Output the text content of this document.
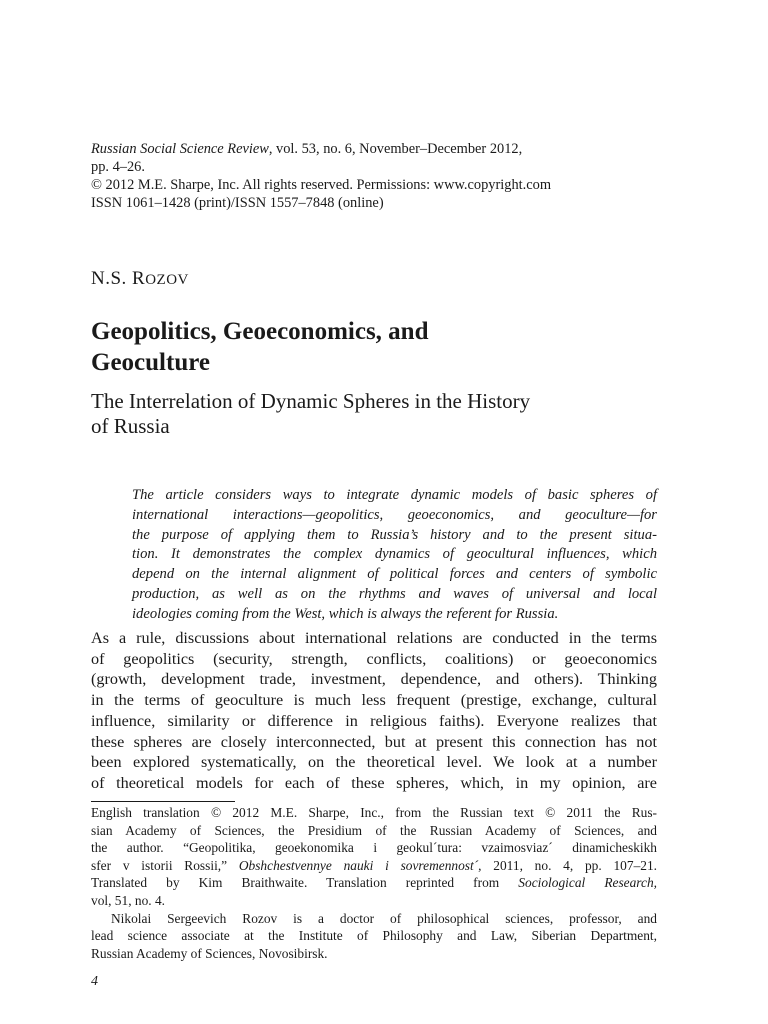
Russian Social Science Review, vol. 53, no. 6, November–December 2012,
pp. 4–26.
© 2012 M.E. Sharpe, Inc. All rights reserved. Permissions: www.copyright.com
ISSN 1061–1428 (print)/ISSN 1557–7848 (online)
N.S. ROZOV
Geopolitics, Geoeconomics, and Geoculture
The Interrelation of Dynamic Spheres in the History of Russia
The article considers ways to integrate dynamic models of basic spheres of
international interactions—geopolitics, geoeconomics, and geoculture—for
the purpose of applying them to Russia’s history and to the present situa-
tion. It demonstrates the complex dynamics of geocultural influences, which
depend on the internal alignment of political forces and centers of symbolic
production, as well as on the rhythms and waves of universal and local
ideologies coming from the West, which is always the referent for Russia.
As a rule, discussions about international relations are conducted in the terms
of geopolitics (security, strength, conflicts, coalitions) or geoeconomics
(growth, development trade, investment, dependence, and others). Thinking
in the terms of geoculture is much less frequent (prestige, exchange, cultural
influence, similarity or difference in religious faiths). Everyone realizes that
these spheres are closely interconnected, but at present this connection has not
been explored systematically, on the theoretical level. We look at a number
of theoretical models for each of these spheres, which, in my opinion, are
English translation © 2012 M.E. Sharpe, Inc., from the Russian text © 2011 the Rus-
sian Academy of Sciences, the Presidium of the Russian Academy of Sciences, and
the author. “Geopolitika, geoekonomika i geokul´tura: vzaimosviaz´ dinamicheskikh
sfer v istorii Rossii,” Obshchestvennye nauki i sovremennost´, 2011, no. 4, pp. 107–21.
Translated by Kim Braithwaite. Translation reprinted from Sociological Research,
vol, 51, no. 4.
Nikolai Sergeevich Rozov is a doctor of philosophical sciences, professor, and
lead science associate at the Institute of Philosophy and Law, Siberian Department,
Russian Academy of Sciences, Novosibirsk.
4
